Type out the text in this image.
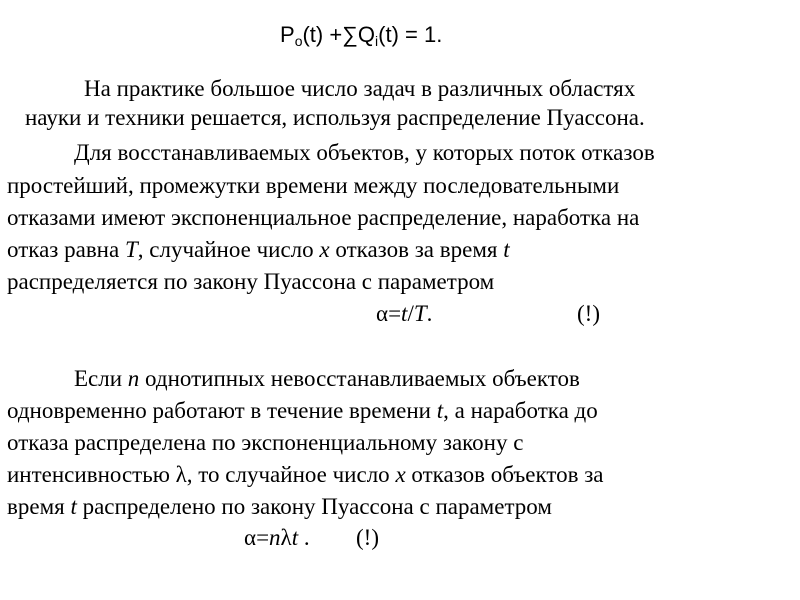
$P_o(t) +\sum Q_i(t) = 1$.
На практике большое число задач в различных областях
науки и техники решается, используя распределение Пуассона.
Для восстанавливаемых объектов, у которых поток отказов
простейший, промежутки времени между последовательными
отказами имеют экспоненциальное распределение, наработка на
отказ равна T, случайное число x отказов за время t
распределяется по закону Пуассона с параметром
α=t/T.	(!)
Если n однотипных невосстанавливаемых объектов
одновременно работают в течение времени t, а наработка до
отказа распределена по экспоненциальному закону с
интенсивностью λ, то случайное число x отказов объектов за
время t распределено по закону Пуассона с параметром
α=nλt . (!)
